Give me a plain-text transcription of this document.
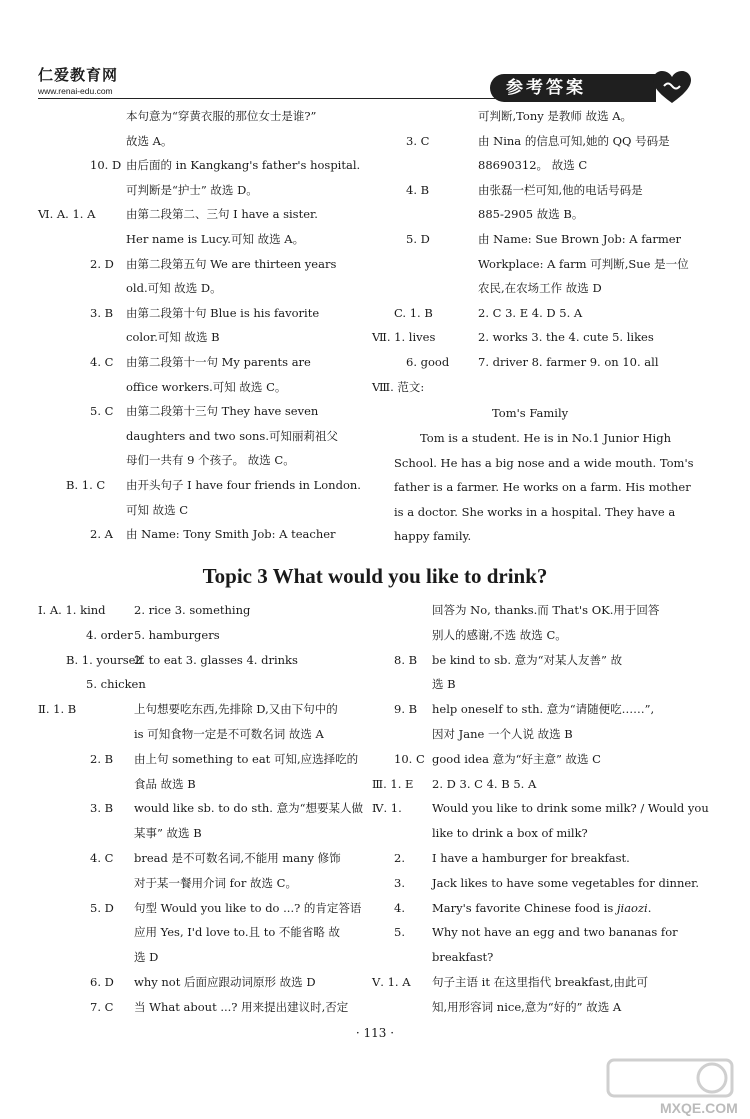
仁爱教育网
www.renai-edu.com	参考答案
本句意为“穿黄衣服的那位女士是谁?”
故选 A。
10. D 由后面的 in Kangkang's father's hospital.
可判断是“护士” 故选 D。
Ⅵ. A. 1. A	由第二段第二、三句 I have a sister.
Her name is Lucy.可知 故选 A。
2. D 由第二段第五句 We are thirteen years
old.可知 故选 D。
3. B 由第二段第十句 Blue is his favorite
color.可知 故选 B
4. C 由第二段第十一句 My parents are
office workers.可知 故选 C。
5. C 由第二段第十三句 They have seven
daughters and two sons.可知丽莉祖父
母们一共有 9 个孩子。 故选 C。
B. 1. C 由开头句子 I have four friends in London.
可知 故选 C
2. A 由 Name: Tony Smith Job: A teacher
可判断,Tony 是教师 故选 A。
3. C	由 Nina 的信息可知,她的 QQ 号码是
88690312。 故选 C
4. B	由张磊一栏可知,他的电话号码是
885-2905 故选 B。
5. D	由 Name: Sue Brown Job: A farmer
Workplace: A farm 可判断,Sue 是一位
农民,在农场工作 故选 D
C. 1. B	2. C 3. E 4. D 5. A
Ⅶ. 1. lives	2. works 3. the 4. cute 5. likes
6. good	7. driver 8. farmer 9. on 10. all
Ⅷ. 范文:
Tom's Family
Tom is a student. He is in No.1 Junior High
School. He has a big nose and a wide mouth. Tom's
father is a farmer. He works on a farm. His mother
is a doctor. She works in a hospital. They have a
happy family.
Topic 3 What would you like to drink?
Ⅰ. A. 1. kind 2. rice 3. something
4. order 5. hamburgers
B. 1. yourself
2. to eat 3. glasses 4. drinks
5. chicken
Ⅱ. 1. B	上句想要吃东西,先排除 D,又由下句中的
is 可知食物一定是不可数名词 故选 A
2. B 由上句 something to eat 可知,应选择吃的
食品 故选 B
3. B would like sb. to do sth. 意为“想要某人做
某事” 故选 B
4. C bread 是不可数名词,不能用 many 修饰
对于某一餐用介词 for 故选 C。
5. D 句型 Would you like to do ...? 的肯定答语
应用 Yes, I'd love to.且 to 不能省略 故
选 D
6. D why not 后面应跟动词原形 故选 D
7. C 当 What about ...? 用来提出建议时,否定
回答为 No, thanks.而 That's OK.用于回答
别人的感谢,不选 故选 C。
8. B be kind to sb. 意为“对某人友善” 故
选 B
9. B help oneself to sth. 意为“请随便吃……”,
因对 Jane 一个人说 故选 B
10. C good idea 意为“好主意” 故选 C
Ⅲ. 1. E 2. D 3. C 4. B 5. A
Ⅳ. 1.	Would you like to drink some milk? / Would you
like to drink a box of milk?
2. I have a hamburger for breakfast.
3. Jack likes to have some vegetables for dinner.
4. Mary's favorite Chinese food is jiaozi.
5. Why not have an egg and two bananas for
breakfast?
Ⅴ. 1. A 句子主语 it 在这里指代 breakfast,由此可
知,用形容词 nice,意为“好的” 故选 A
· 113 ·
MXQE.COM
